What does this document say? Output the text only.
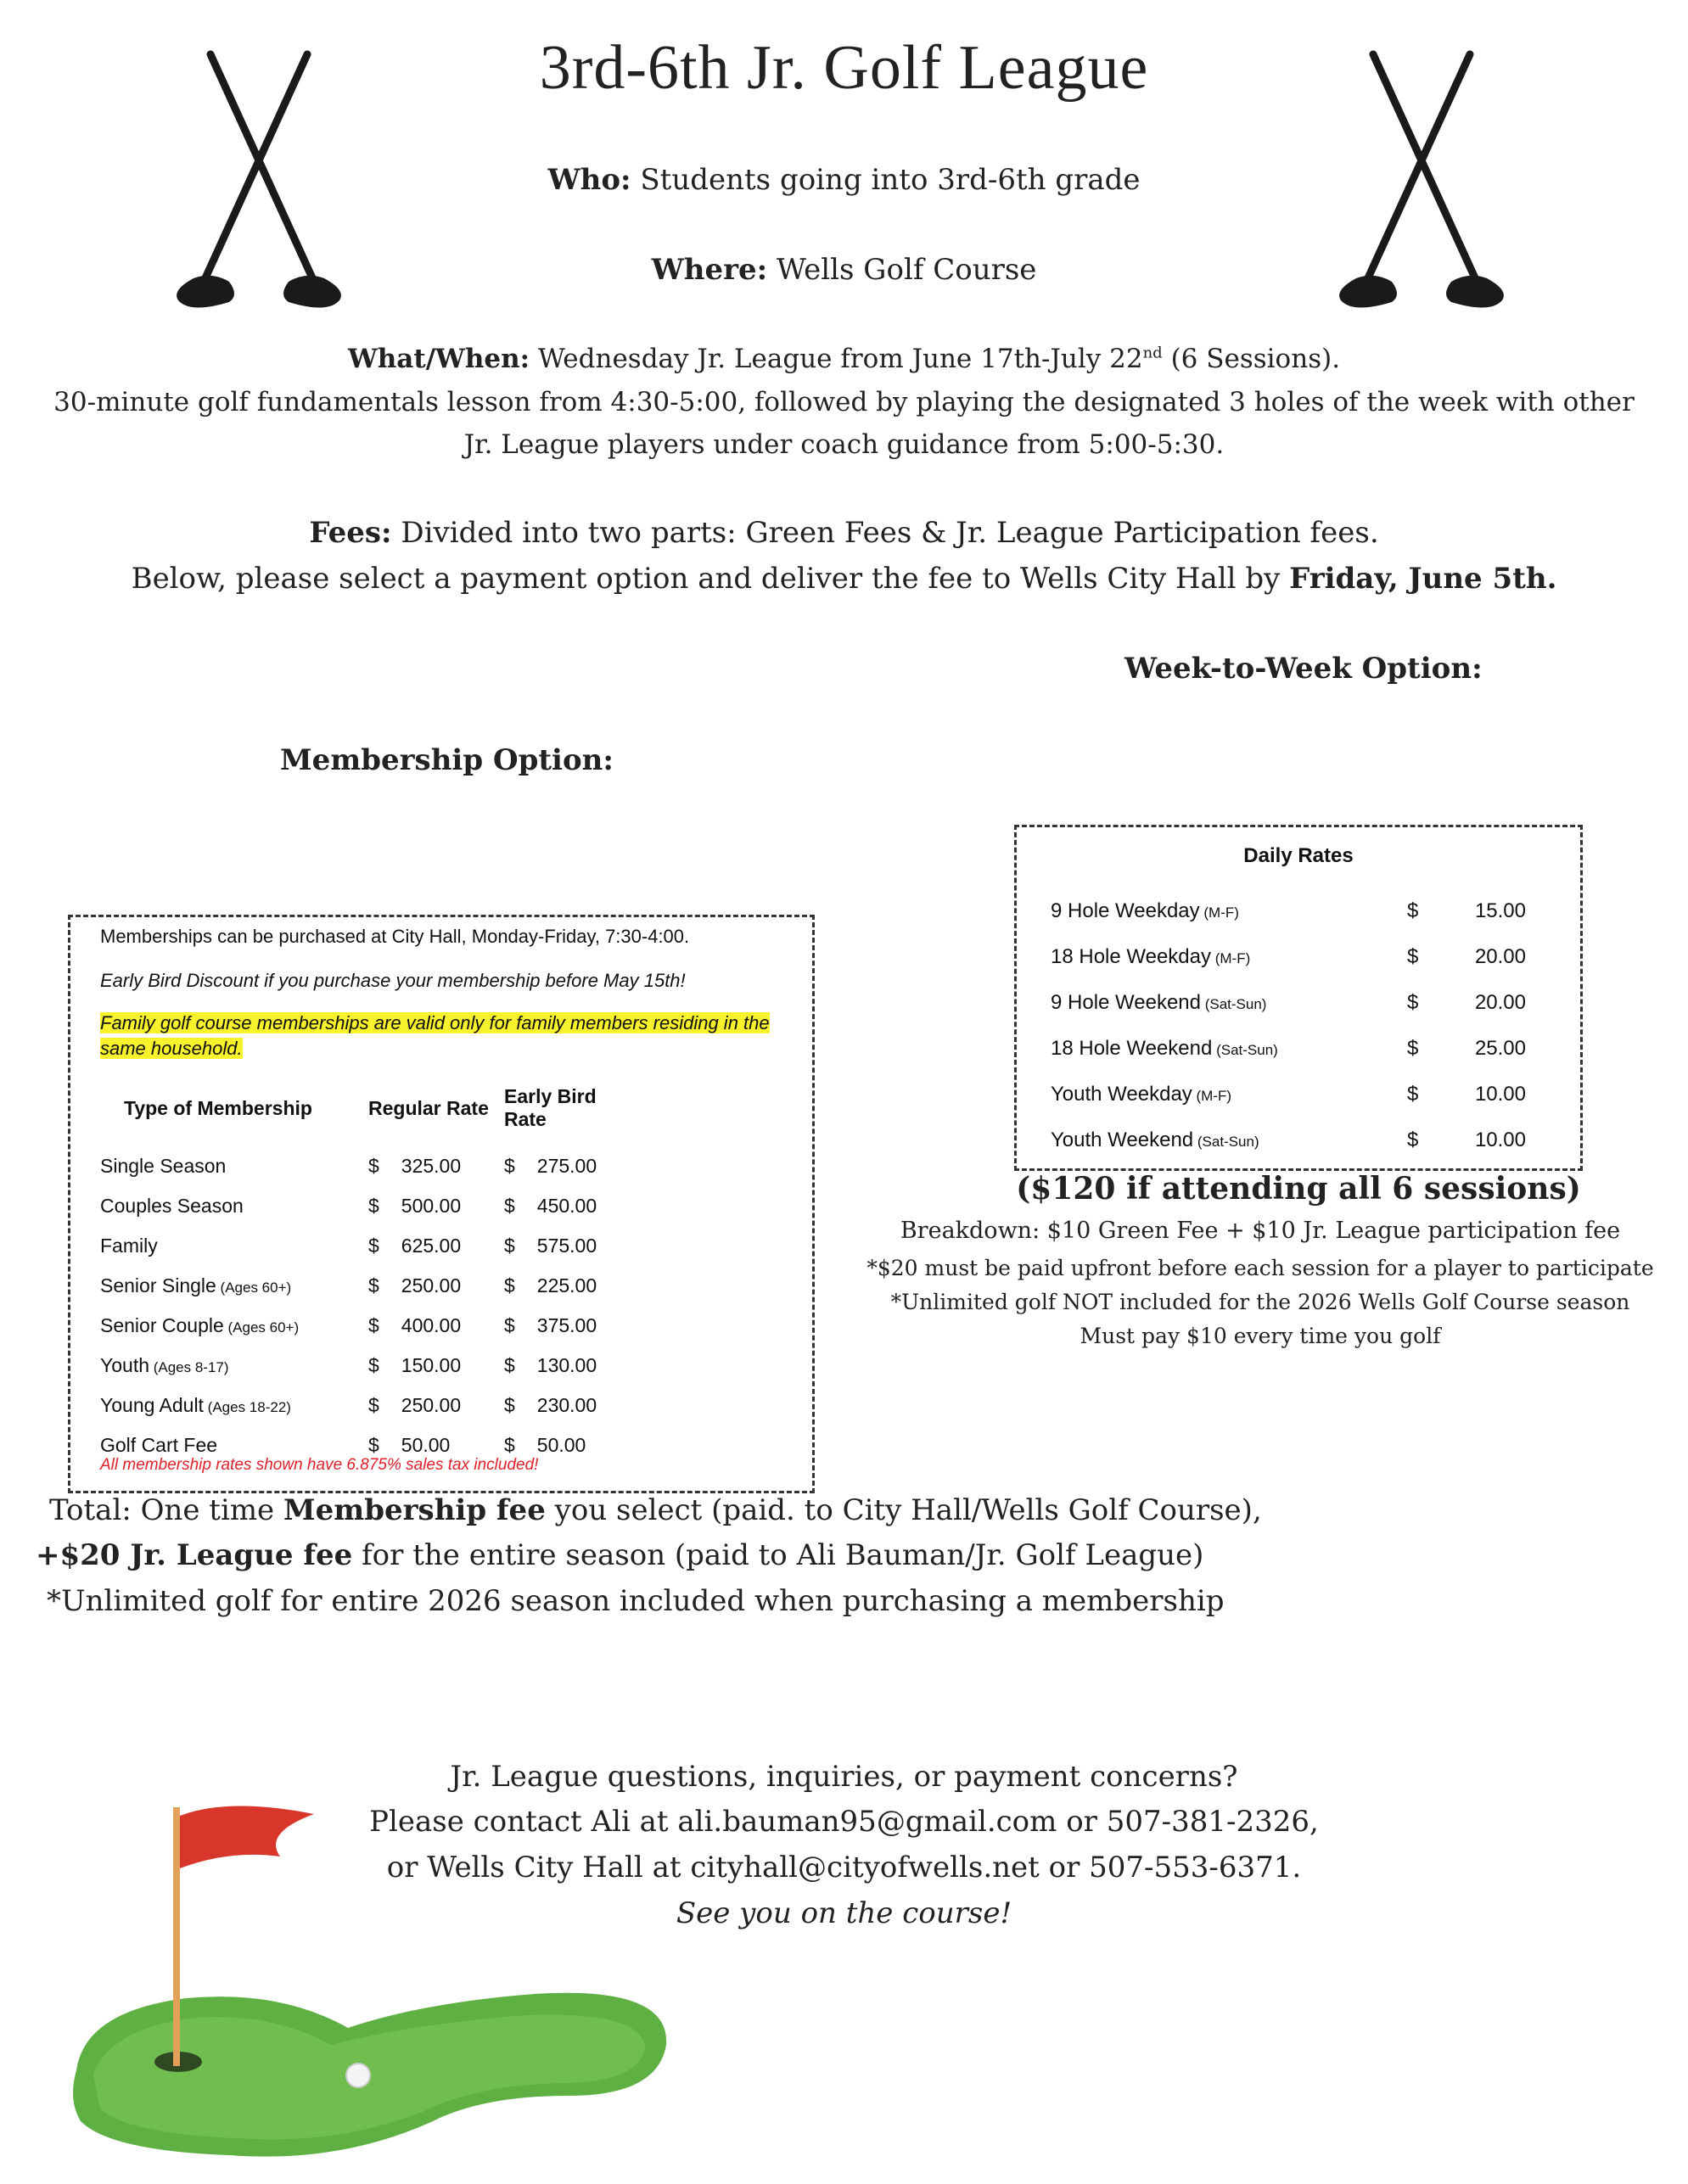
3rd-6th Jr. Golf League
Who: Students going into 3rd-6th grade
Where: Wells Golf Course
What/When: Wednesday Jr. League from June 17th-July 22nd (6 Sessions).
30-minute golf fundamentals lesson from 4:30-5:00, followed by playing the designated 3 holes of the week with other
Jr. League players under coach guidance from 5:00-5:30.
Fees: Divided into two parts: Green Fees & Jr. League Participation fees.
Below, please select a payment option and deliver the fee to Wells City Hall by Friday, June 5th.
Week-to-Week Option:
Membership Option:
Memberships can be purchased at City Hall, Monday-Friday, 7:30-4:00.
Early Bird Discount if you purchase your membership before May 15th!
Family golf course memberships are valid only for family members residing in the
same household.
Type of Membership	Regular Rate	Early Bird Rate
Single Season	$ 325.00	$ 275.00
Couples Season	$ 500.00	$ 450.00
Family	$ 625.00	$ 575.00
Senior Single (Ages 60+)	$ 250.00	$ 225.00
Senior Couple (Ages 60+)	$ 400.00	$ 375.00
Youth (Ages 8-17)	$ 150.00	$ 130.00
Young Adult (Ages 18-22)	$ 250.00	$ 230.00
Golf Cart Fee	$ 50.00	$ 50.00
All membership rates shown have 6.875% sales tax included!
Daily Rates
9 Hole Weekday (M-F)	$	15.00
18 Hole Weekday (M-F)	$	20.00
9 Hole Weekend (Sat-Sun)	$	20.00
18 Hole Weekend (Sat-Sun)	$	25.00
Youth Weekday (M-F)	$	10.00
Youth Weekend (Sat-Sun)	$	10.00
($120 if attending all 6 sessions)
Breakdown: $10 Green Fee + $10 Jr. League participation fee
*$20 must be paid upfront before each session for a player to participate
*Unlimited golf NOT included for the 2026 Wells Golf Course season
Must pay $10 every time you golf
Total: One time Membership fee you select (paid. to City Hall/Wells Golf Course),
+$20 Jr. League fee for the entire season (paid to Ali Bauman/Jr. Golf League)
*Unlimited golf for entire 2026 season included when purchasing a membership
Jr. League questions, inquiries, or payment concerns?
Please contact Ali at ali.bauman95@gmail.com or 507-381-2326,
or Wells City Hall at cityhall@cityofwells.net or 507-553-6371.
See you on the course!
